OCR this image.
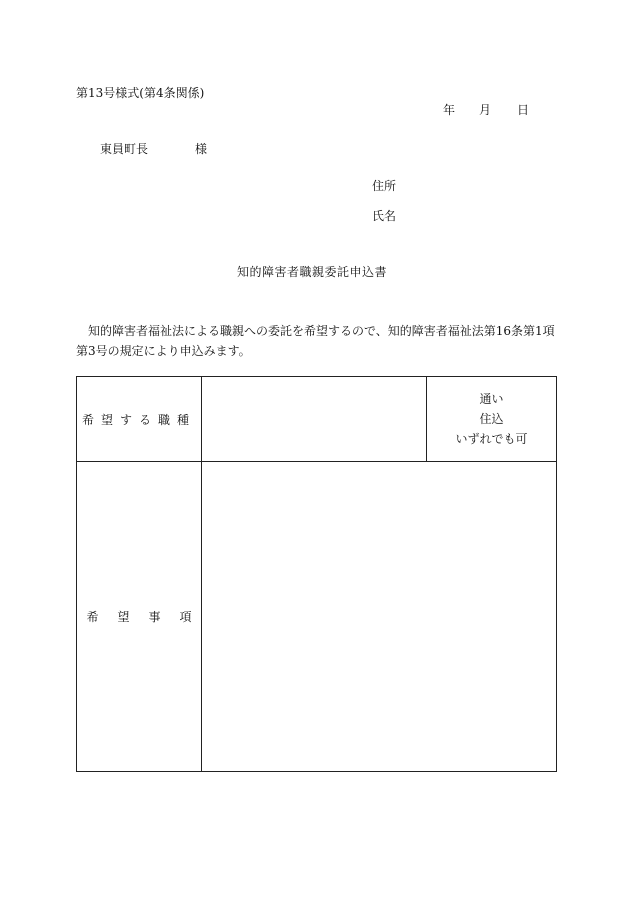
第13号様式(第4条関係)
年 月 日
東員町長	様
住所
氏名
知的障害者職親委託申込書
知的障害者福祉法による職親への委託を希望するので、知的障害者福祉法第16条第1項第3号の規定により申込みます。
希望する職種		通い
住込
いずれでも可

希 望 事 項		
